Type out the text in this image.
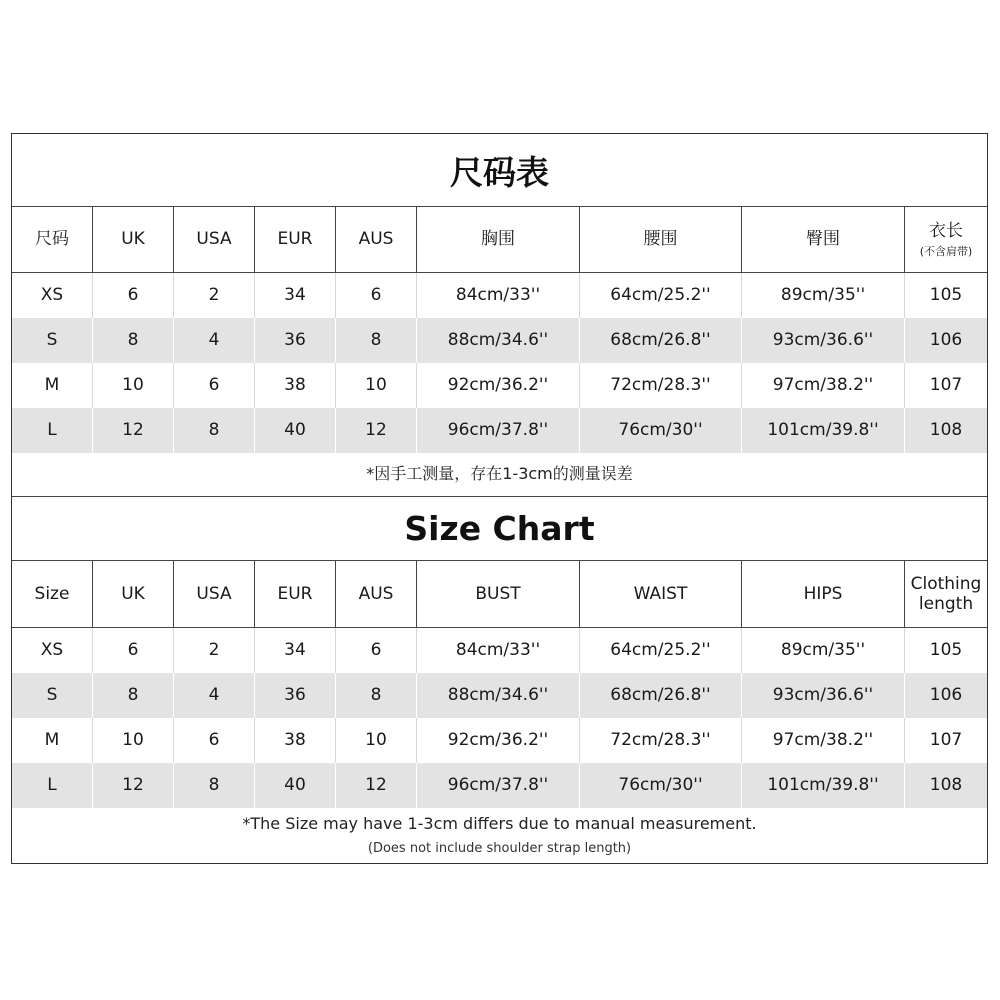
尺码表
尺码	UK	USA	EUR	AUS	胸围	腰围	臀围	衣长
(不含肩带)
XS	6	2	34	6	84cm/33''	64cm/25.2''	89cm/35''	105
S	8	4	36	8	88cm/34.6''	68cm/26.8''	93cm/36.6''	106
M	10	6	38	10	92cm/36.2''	72cm/28.3''	97cm/38.2''	107
L	12	8	40	12	96cm/37.8''	76cm/30''	101cm/39.8''	108
*因手工测量，存在1-3cm的测量误差
Size Chart
Size	UK	USA	EUR	AUS	BUST	WAIST	HIPS
Clothing length
XS	6	2	34	6	84cm/33''	64cm/25.2''	89cm/35''	105
S	8	4	36	8	88cm/34.6''	68cm/26.8''	93cm/36.6''	106
M	10	6	38	10	92cm/36.2''	72cm/28.3''	97cm/38.2''	107
L	12	8	40	12	96cm/37.8''	76cm/30''	101cm/39.8''	108
*The Size may have 1-3cm differs due to manual measurement.
(Does not include shoulder strap length)
